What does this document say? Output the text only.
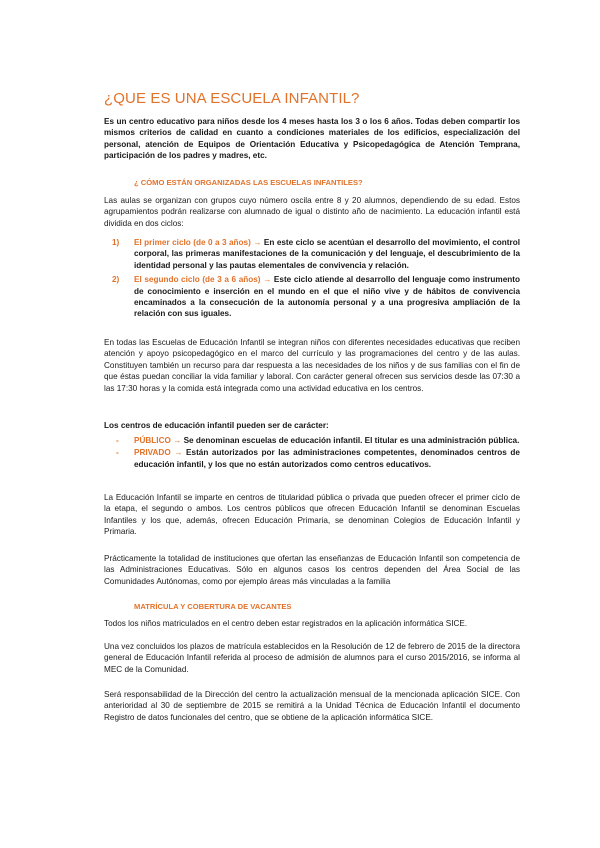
¿QUE ES UNA ESCUELA INFANTIL?

Es un centro educativo para niños desde los 4 meses hasta los 3 o los 6 años. Todas deben compartir los mismos criterios de calidad en cuanto a condiciones materiales de los edificios, especialización del personal, atención de Equipos de Orientación Educativa y Psicopedagógica de Atención Temprana, participación de los padres y madres, etc.

¿ CÓMO ESTÁN ORGANIZADAS LAS ESCUELAS INFANTILES?

Las aulas se organizan con grupos cuyo número oscila entre 8 y 20 alumnos, dependiendo de su edad. Estos agrupamientos podrán realizarse con alumnado de igual o distinto año de nacimiento. La educación infantil está dividida en dos ciclos:

1) El primer ciclo (de 0 a 3 años) → En este ciclo se acentúan el desarrollo del movimiento, el control corporal, las primeras manifestaciones de la comunicación y del lenguaje, el descubrimiento de la identidad personal y las pautas elementales de convivencia y relación.
2) El segundo ciclo (de 3 a 6 años) → Este ciclo atiende al desarrollo del lenguaje como instrumento de conocimiento e inserción en el mundo en el que el niño vive y de hábitos de convivencia encaminados a la consecución de la autonomía personal y a una progresiva ampliación de la relación con sus iguales.

En todas las Escuelas de Educación Infantil se integran niños con diferentes necesidades educativas que reciben atención y apoyo psicopedagógico en el marco del currículo y las programaciones del centro y de las aulas. Constituyen también un recurso para dar respuesta a las necesidades de los niños y de sus familias con el fin de que éstas puedan conciliar la vida familiar y laboral. Con carácter general ofrecen sus servicios desde las 07:30 a las 17:30 horas y la comida está integrada como una actividad educativa en los centros.

Los centros de educación infantil pueden ser de carácter:

- PÚBLICO → Se denominan escuelas de educación infantil. El titular es una administración pública.
- PRIVADO → Están autorizados por las administraciones competentes, denominados centros de educación infantil, y los que no están autorizados como centros educativos.

La Educación Infantil se imparte en centros de titularidad pública o privada que pueden ofrecer el primer ciclo de la etapa, el segundo o ambos. Los centros públicos que ofrecen Educación Infantil se denominan Escuelas Infantiles y los que, además, ofrecen Educación Primaria, se denominan Colegios de Educación Infantil y Primaria.

Prácticamente la totalidad de instituciones que ofertan las enseñanzas de Educación Infantil son competencia de las Administraciones Educativas. Sólo en algunos casos los centros dependen del Área Social de las Comunidades Autónomas, como por ejemplo áreas más vinculadas a la familia

MATRÍCULA Y COBERTURA DE VACANTES

Todos los niños matriculados en el centro deben estar registrados en la aplicación informática SICE.

Una vez concluidos los plazos de matrícula establecidos en la Resolución de 12 de febrero de 2015 de la directora general de Educación Infantil referida al proceso de admisión de alumnos para el curso 2015/2016, se informa al MEC de la Comunidad.

Será responsabilidad de la Dirección del centro la actualización mensual de la mencionada aplicación SICE. Con anterioridad al 30 de septiembre de 2015 se remitirá a la Unidad Técnica de Educación Infantil el documento Registro de datos funcionales del centro, que se obtiene de la aplicación informática SICE.
